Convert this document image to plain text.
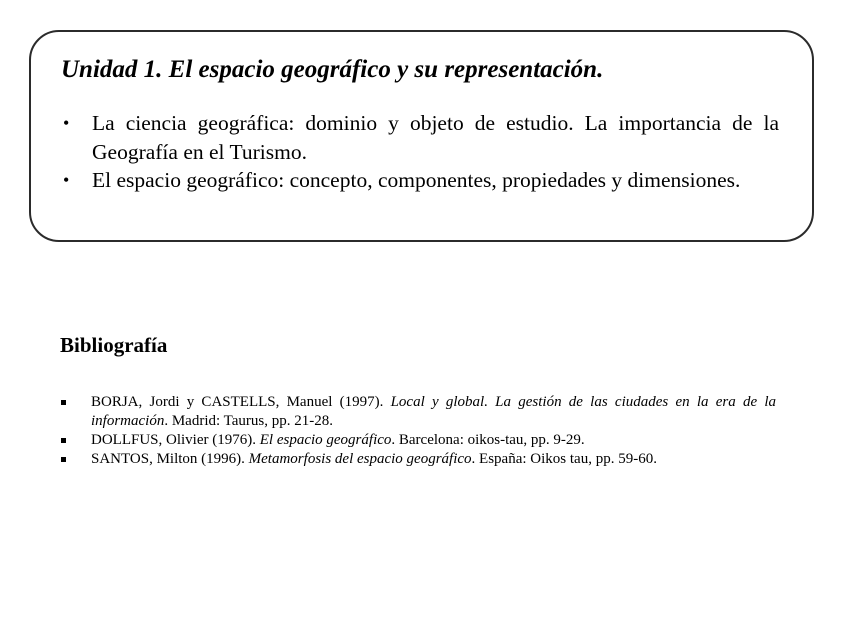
Unidad 1. El espacio geográfico y su representación.
• La ciencia geográfica: dominio y objeto de estudio. La importancia de la Geografía en el Turismo.
• El espacio geográfico: concepto, componentes, propiedades y dimensiones.
Bibliografía
BORJA, Jordi y CASTELLS, Manuel (1997). Local y global. La gestión de las ciudades en la era de la información. Madrid: Taurus, pp. 21-28.
DOLLFUS, Olivier (1976). El espacio geográfico. Barcelona: oikos-tau, pp. 9-29.
SANTOS, Milton (1996). Metamorfosis del espacio geográfico. España: Oikos tau, pp. 59-60.
